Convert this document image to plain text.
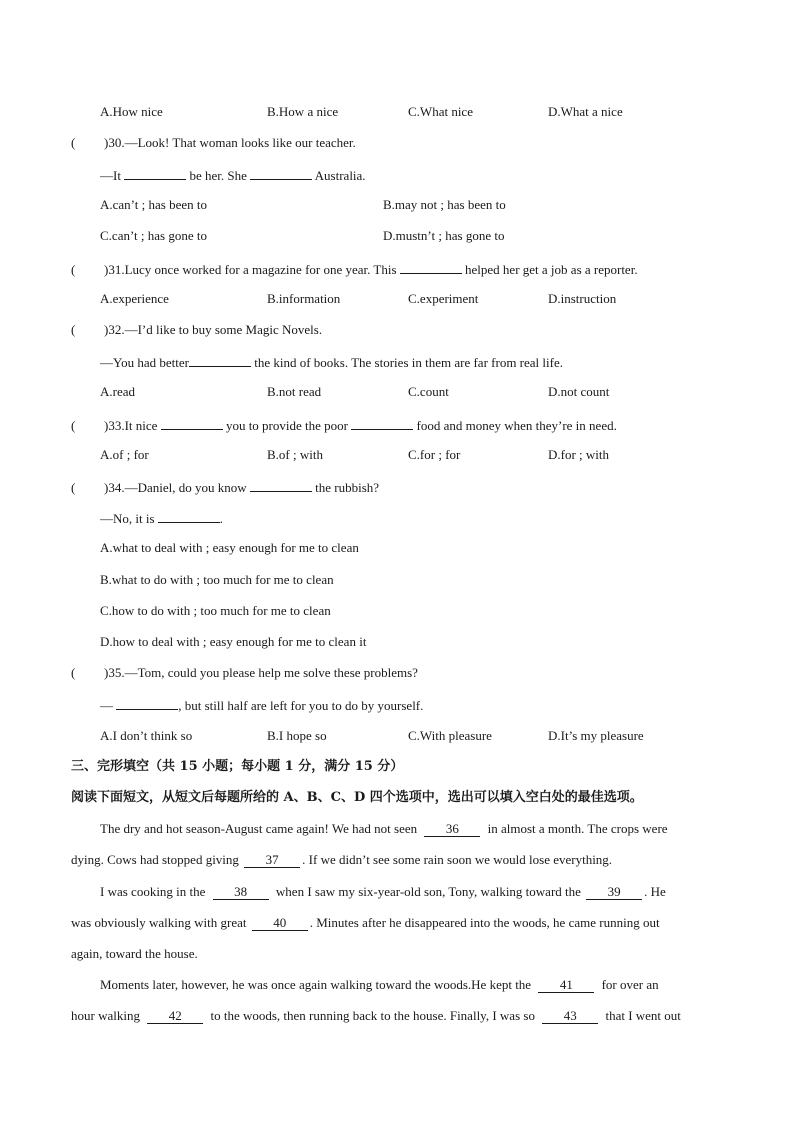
A.How nice	B.How a nice	C.What nice	D.What a nice
( )30.—Look! That woman looks like our teacher.
—It	be her. She	Australia.
A.can’t ; has been to	B.may not ; has been to
C.can’t ; has gone to	D.mustn’t ; has gone to
( )31.Lucy once worked for a magazine for one year. This	helped her get a job as a reporter.
A.experience	B.information	C.experiment	D.instruction
( )32.—I’d like to buy some Magic Novels.
—You had better	the kind of books. The stories in them are far from real life.
A.read	B.not read	C.count	D.not count
( )33.It nice	you to provide the poor	food and money when they’re in need.
A.of ; for	B.of ; with	C.for ; for	D.for ; with
( )34.—Daniel, do you know	the rubbish?
—No, it is	.
A.what to deal with ; easy enough for me to clean
B.what to do with ; too much for me to clean
C.how to do with ; too much for me to clean
D.how to deal with ; easy enough for me to clean it
( )35.—Tom, could you please help me solve these problems?
—	, but still half are left for you to do by yourself.
A.I don’t think so	B.I hope so	C.With pleasure	D.It’s my pleasure
三、完形填空（共 15 小题；每小题 1 分，满分 15 分）
阅读下面短文，从短文后每题所给的 A、B、C、D 四个选项中，选出可以填入空白处的最佳选项。
The dry and hot season-August came again! We had not seen 36 in almost a month. The crops were
dying. Cows had stopped giving 37 . If we didn’t see some rain soon we would lose everything.
I was cooking in the 38 when I saw my six-year-old son, Tony, walking toward the 39 . He
was obviously walking with great 40 . Minutes after he disappeared into the woods, he came running out
again, toward the house.
Moments later, however, he was once again walking toward the woods.He kept the 41 for over an
hour walking 42 to the woods, then running back to the house. Finally, I was so 43 that I went out
